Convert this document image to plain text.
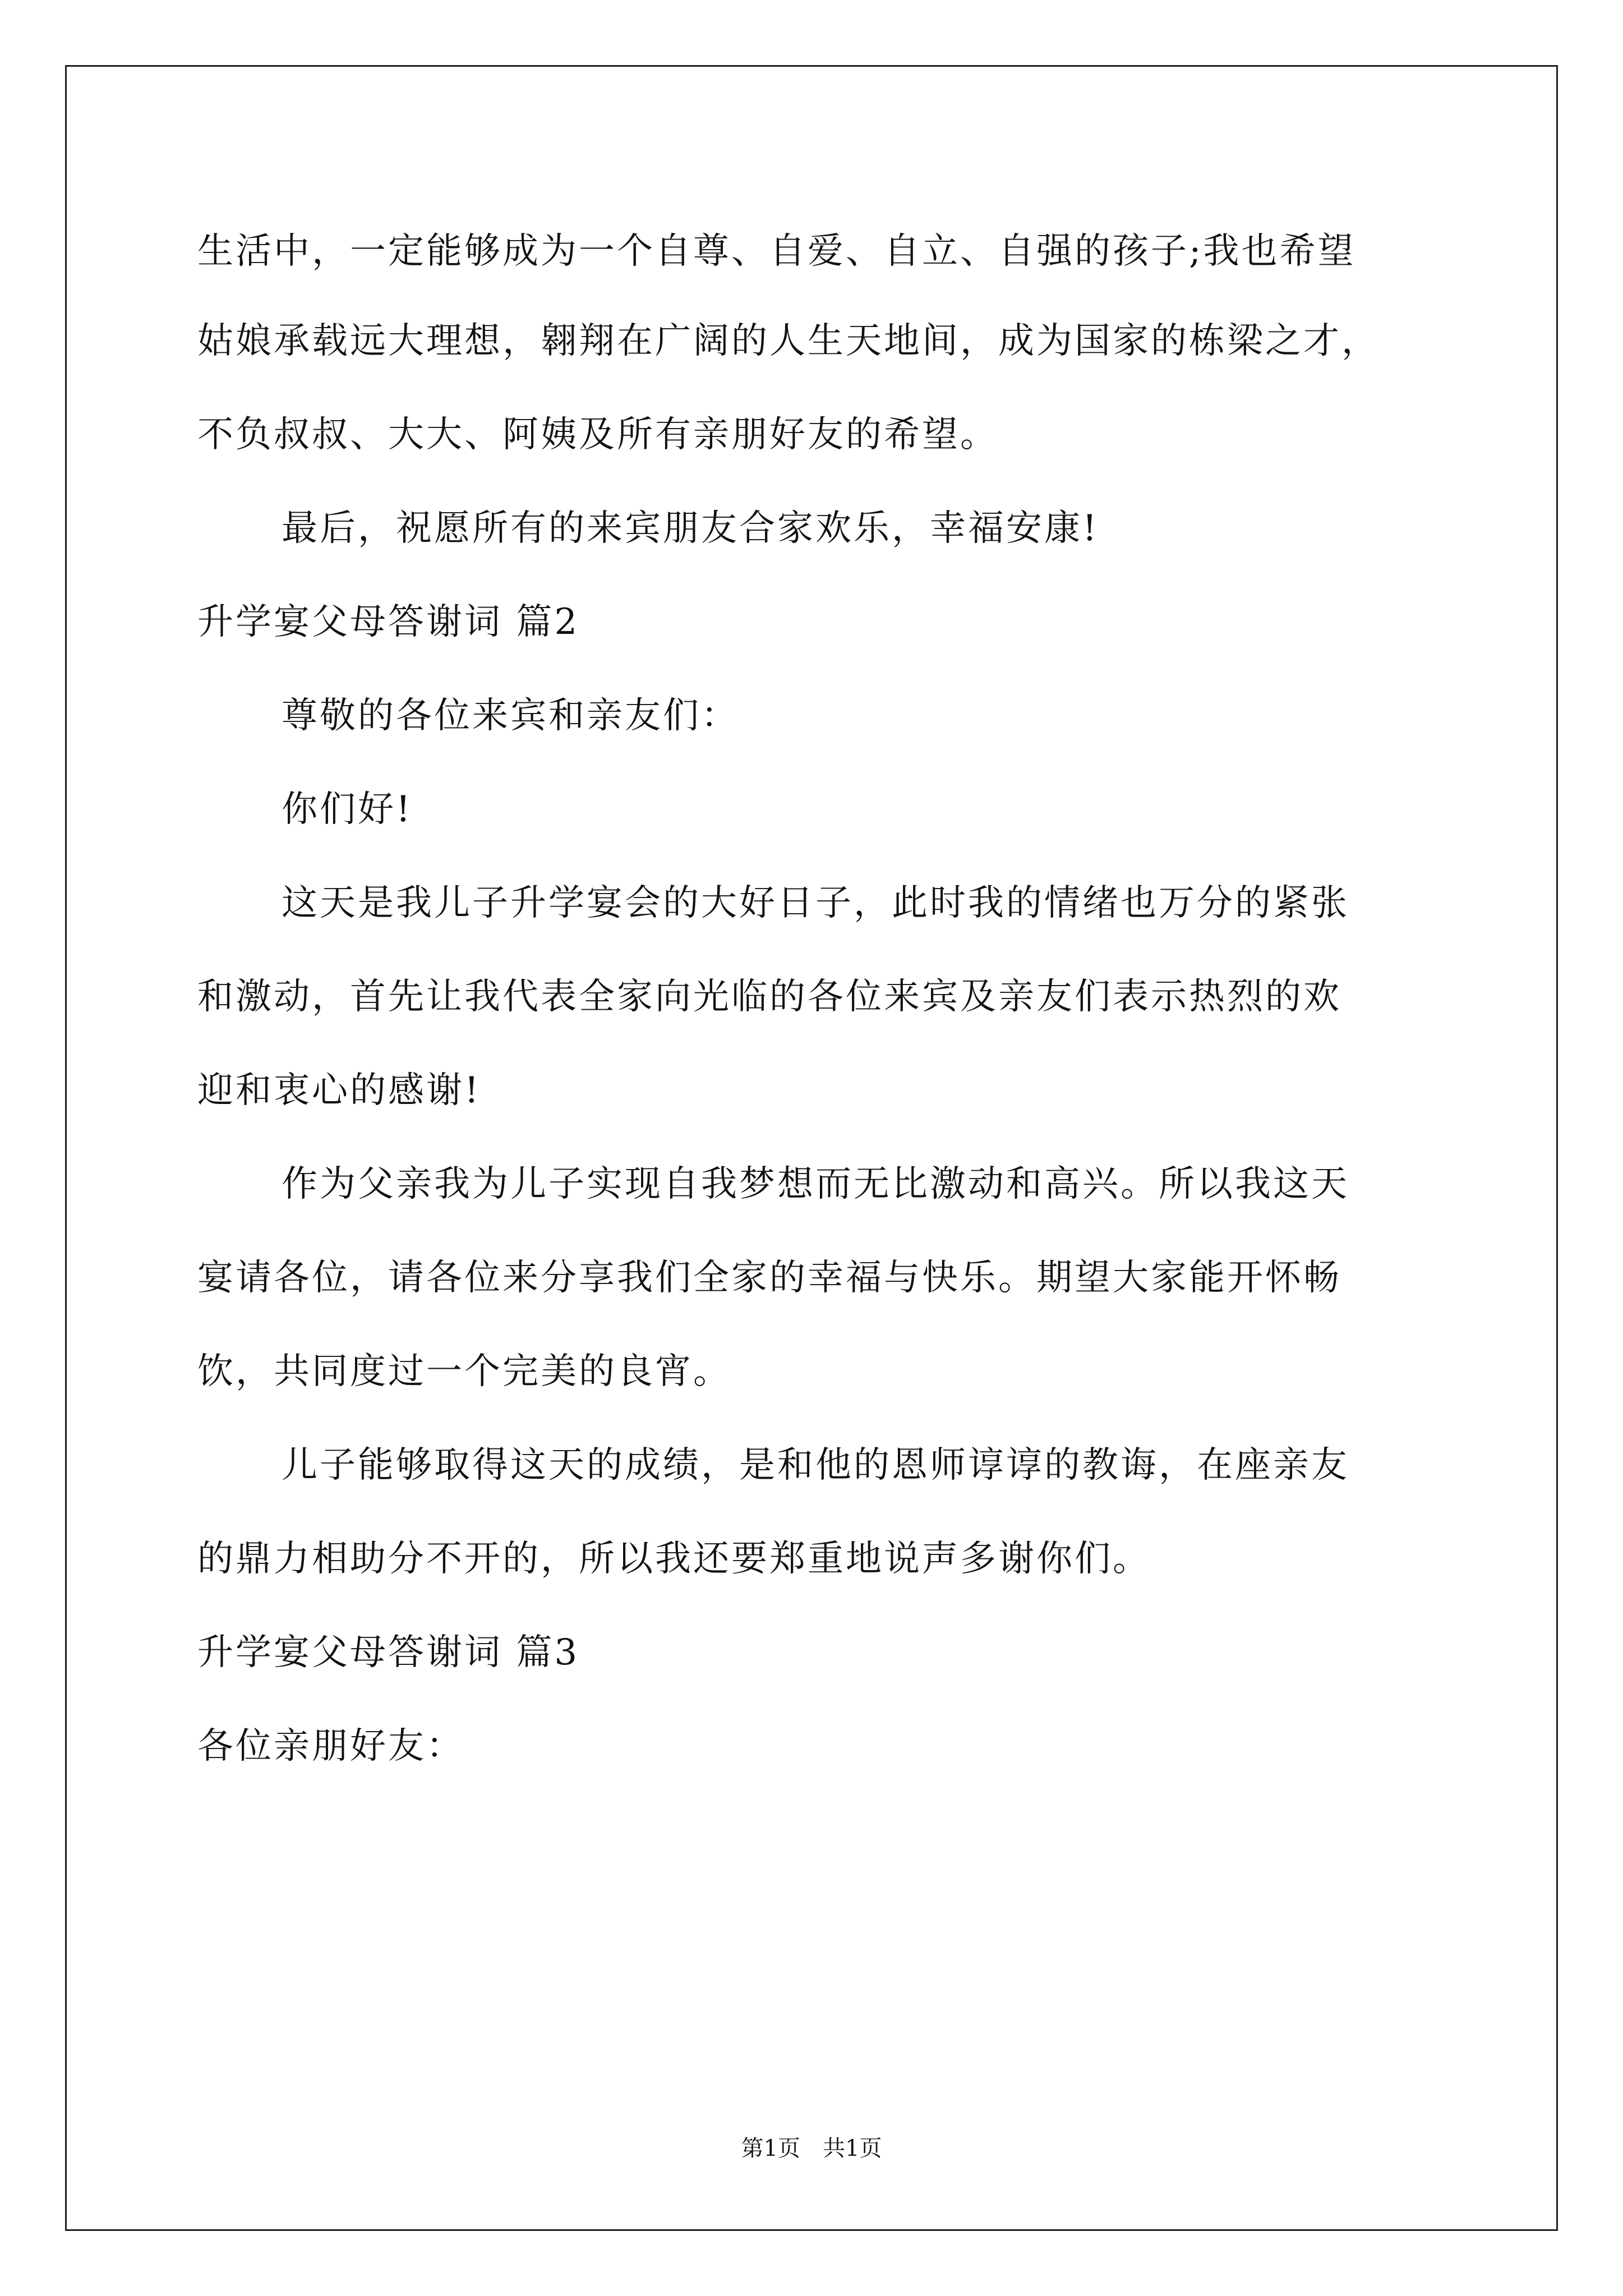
生活中，一定能够成为一个自尊、自爱、自立、自强的孩子;我也希望
姑娘承载远大理想，翱翔在广阔的人生天地间，成为国家的栋梁之才，
不负叔叔、大大、阿姨及所有亲朋好友的希望。
最后，祝愿所有的来宾朋友合家欢乐，幸福安康!
升学宴父母答谢词 篇2
尊敬的各位来宾和亲友们：
你们好!
这天是我儿子升学宴会的大好日子，此时我的情绪也万分的紧张
和激动，首先让我代表全家向光临的各位来宾及亲友们表示热烈的欢
迎和衷心的感谢!
作为父亲我为儿子实现自我梦想而无比激动和高兴。所以我这天
宴请各位，请各位来分享我们全家的幸福与快乐。期望大家能开怀畅
饮，共同度过一个完美的良宵。
儿子能够取得这天的成绩，是和他的恩师谆谆的教诲，在座亲友
的鼎力相助分不开的，所以我还要郑重地说声多谢你们。
升学宴父母答谢词 篇3
各位亲朋好友：
第1页　共1页
